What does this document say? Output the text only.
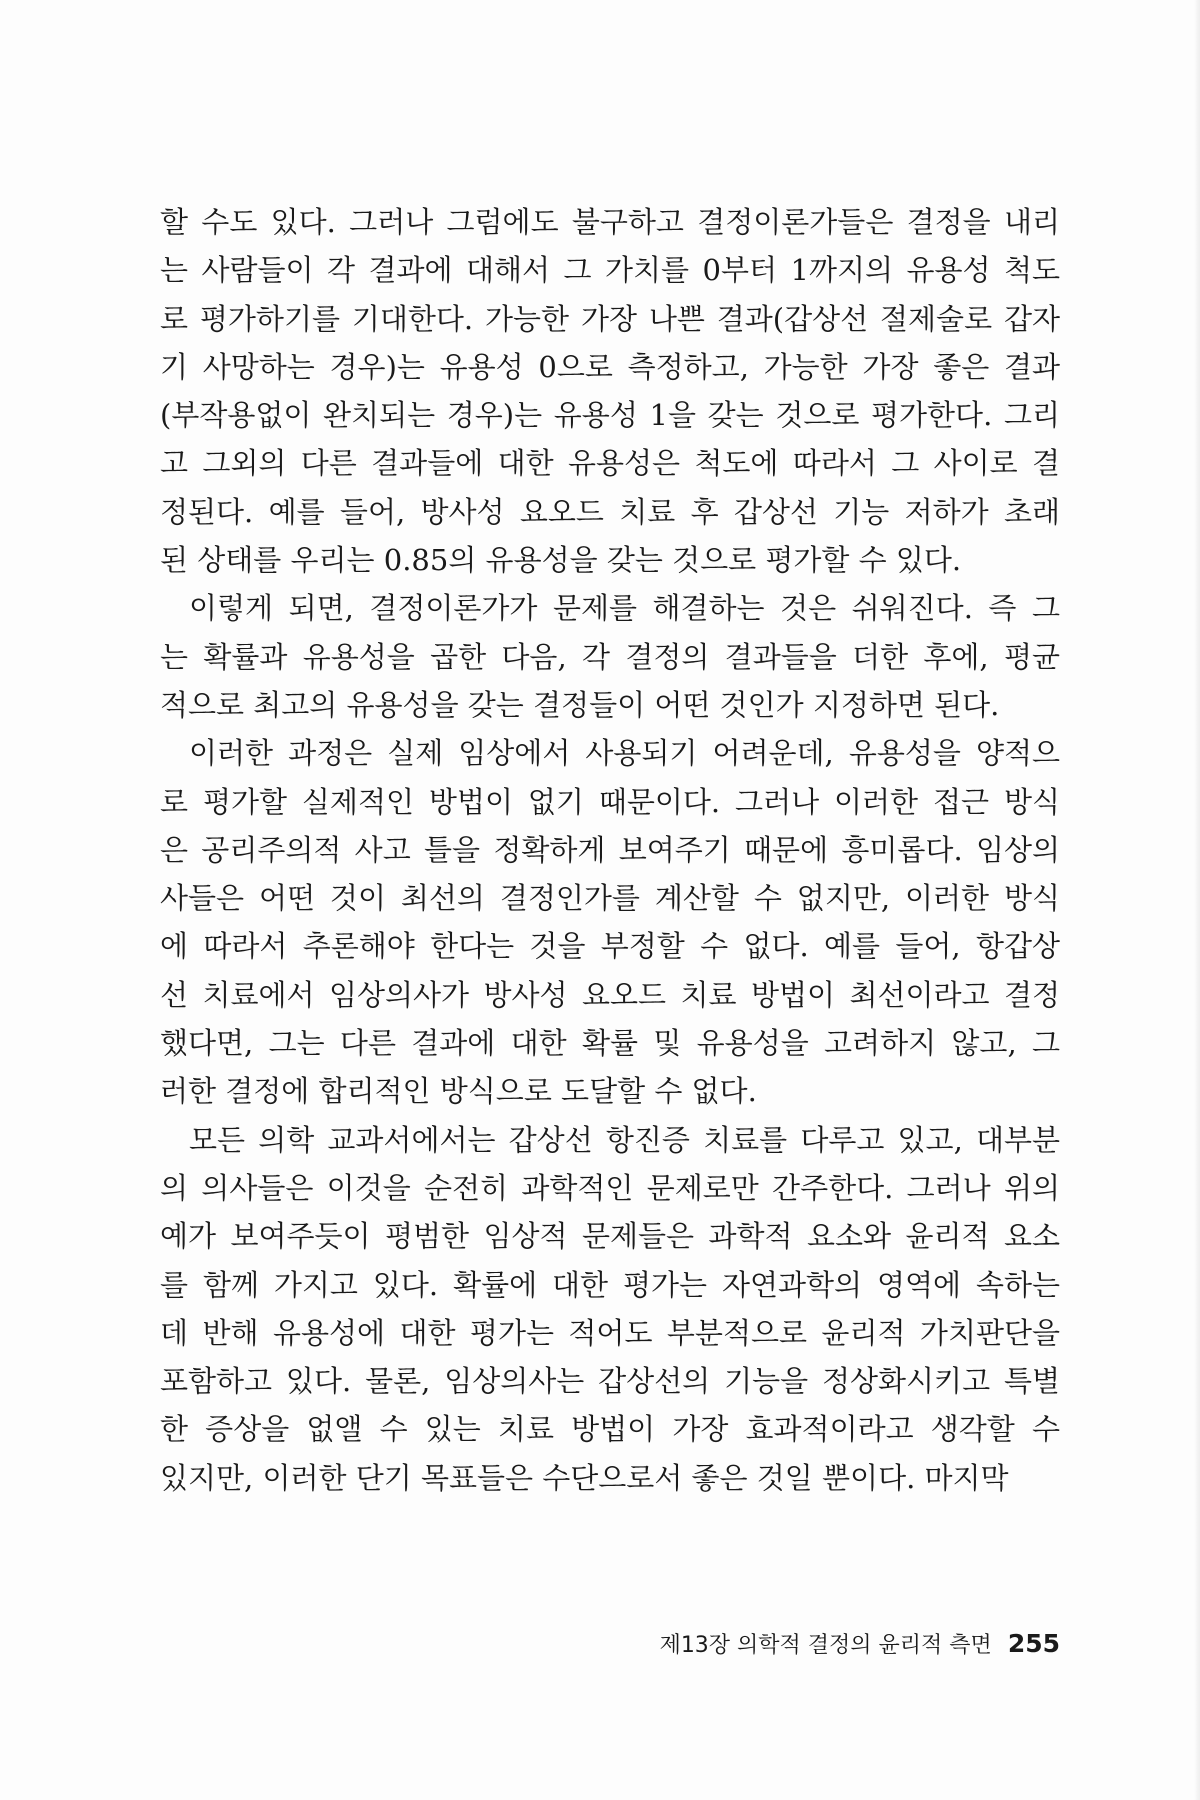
할 수도 있다. 그러나 그럼에도 불구하고 결정이론가들은 결정을 내리
는 사람들이 각 결과에 대해서 그 가치를 0부터 1까지의 유용성 척도
로 평가하기를 기대한다. 가능한 가장 나쁜 결과(갑상선 절제술로 갑자
기 사망하는 경우)는 유용성 0으로 측정하고, 가능한 가장 좋은 결과
(부작용없이 완치되는 경우)는 유용성 1을 갖는 것으로 평가한다. 그리
고 그외의 다른 결과들에 대한 유용성은 척도에 따라서 그 사이로 결
정된다. 예를 들어, 방사성 요오드 치료 후 갑상선 기능 저하가 초래
된 상태를 우리는 0.85의 유용성을 갖는 것으로 평가할 수 있다.
이렇게 되면, 결정이론가가 문제를 해결하는 것은 쉬워진다. 즉 그
는 확률과 유용성을 곱한 다음, 각 결정의 결과들을 더한 후에, 평균
적으로 최고의 유용성을 갖는 결정들이 어떤 것인가 지정하면 된다.
이러한 과정은 실제 임상에서 사용되기 어려운데, 유용성을 양적으
로 평가할 실제적인 방법이 없기 때문이다. 그러나 이러한 접근 방식
은 공리주의적 사고 틀을 정확하게 보여주기 때문에 흥미롭다. 임상의
사들은 어떤 것이 최선의 결정인가를 계산할 수 없지만, 이러한 방식
에 따라서 추론해야 한다는 것을 부정할 수 없다. 예를 들어, 항갑상
선 치료에서 임상의사가 방사성 요오드 치료 방법이 최선이라고 결정
했다면, 그는 다른 결과에 대한 확률 및 유용성을 고려하지 않고, 그
러한 결정에 합리적인 방식으로 도달할 수 없다.
모든 의학 교과서에서는 갑상선 항진증 치료를 다루고 있고, 대부분
의 의사들은 이것을 순전히 과학적인 문제로만 간주한다. 그러나 위의
예가 보여주듯이 평범한 임상적 문제들은 과학적 요소와 윤리적 요소
를 함께 가지고 있다. 확률에 대한 평가는 자연과학의 영역에 속하는
데 반해 유용성에 대한 평가는 적어도 부분적으로 윤리적 가치판단을
포함하고 있다. 물론, 임상의사는 갑상선의 기능을 정상화시키고 특별
한 증상을 없앨 수 있는 치료 방법이 가장 효과적이라고 생각할 수
있지만, 이러한 단기 목표들은 수단으로서 좋은 것일 뿐이다. 마지막
제13장 의학적 결정의 윤리적 측면 255
